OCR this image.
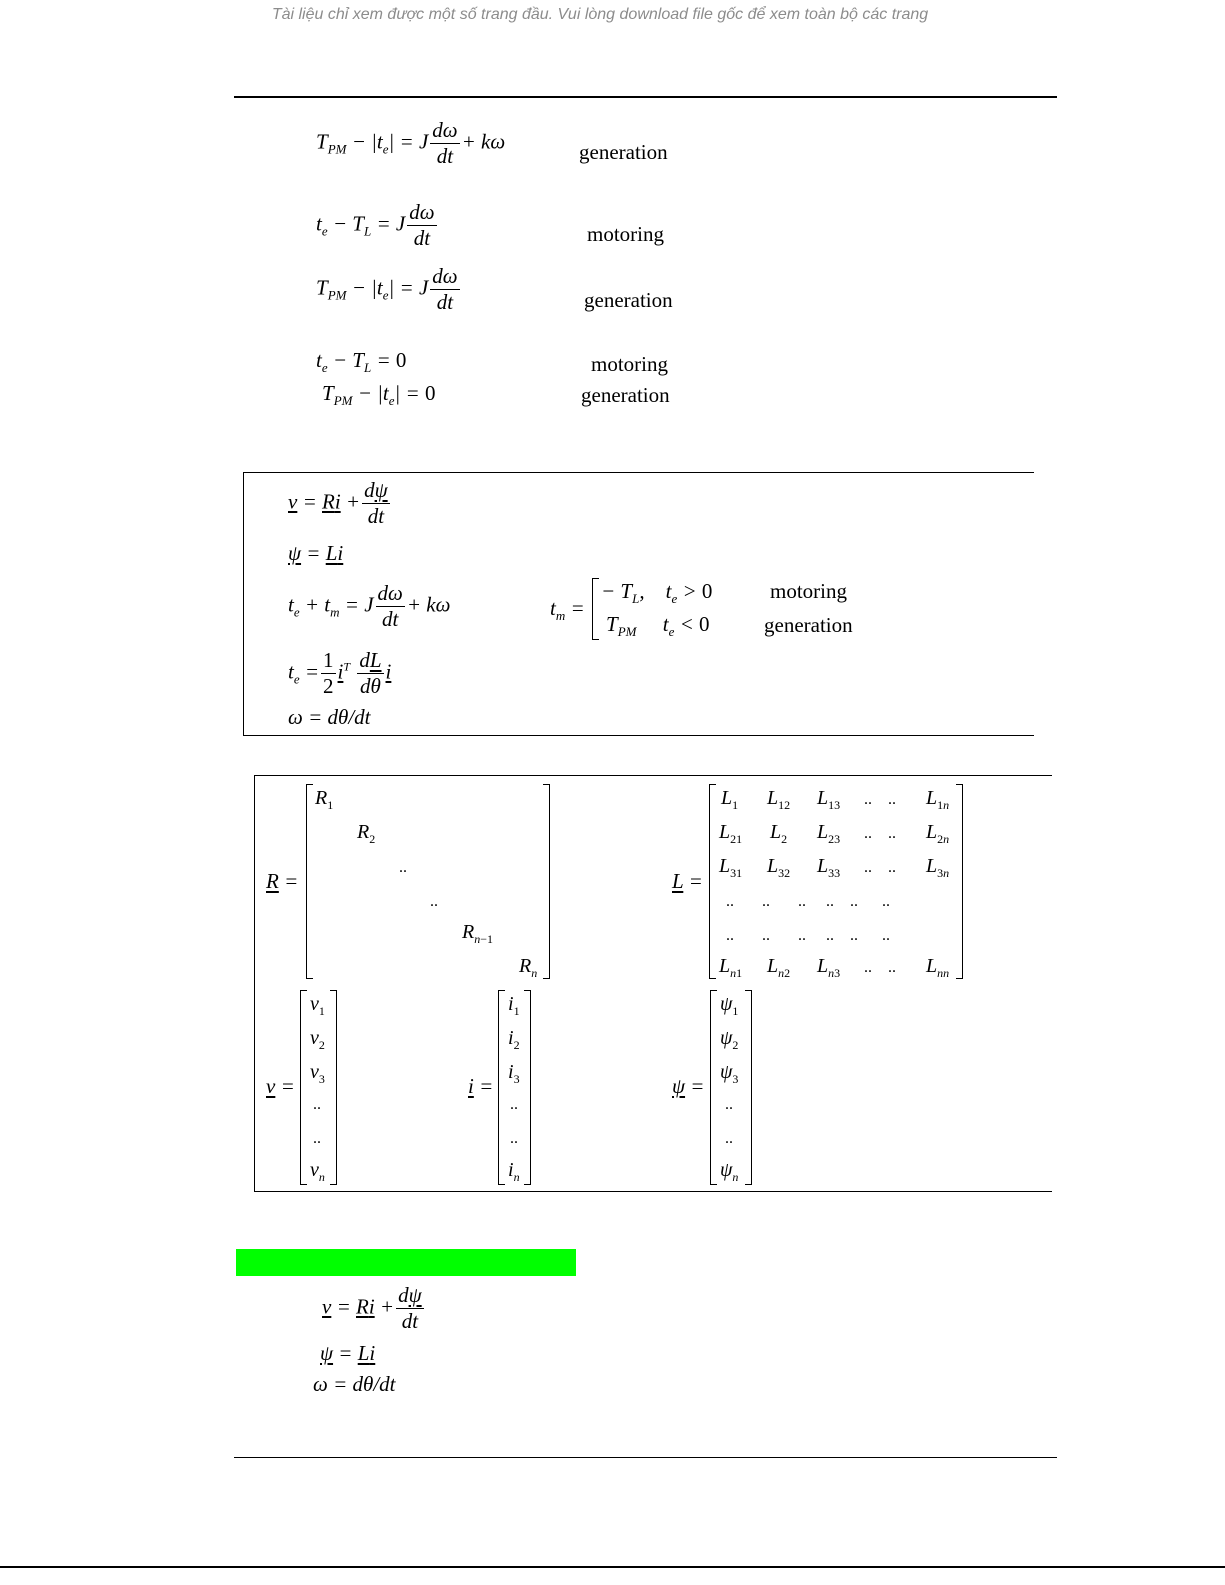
Tài liệu chỉ xem được một số trang đầu. Vui lòng download file gốc để xem toàn bộ các trang
$T_{PM} - |t_e| = J \frac{d\omega}{dt} + k\omega$	generation
$t_e - T_L = J \frac{d\omega}{dt}$	motoring
$T_{PM} - |t_e| = J \frac{d\omega}{dt}$	generation
$t_e - T_L = 0$	motoring
$T_{PM} - |t_e| = 0$	generation
$v = Ri + \frac{d\psi}{dt}$
ψ = Li
$t_e + t_m = J \frac{d\omega}{dt} + k\omega$	$t_m$ =
− $T_L$,    $t_e > 0$	motoring
$T_{PM}$     $t_e < 0$	generation
$t_e = \frac{1}{2} i^T \frac{dL}{d\theta}$ i
ω = dθ/dt
R =
$R_1$
$R_2$
..
..
$R_{n-1}$
$R_n$
L =
$L_1$ $L_{12}$ $L_{13}$ ..    .. $L_{1n}$
$L_{21}$ $L_2$ $L_{23}$ ..    .. $L_{2n}$
$L_{31}$ $L_{32}$ $L_{33}$ ..    .. $L_{3n}$
..       ..       ..     ..    ..      ..
..       ..       ..     ..    ..      ..
$L_{n1}$ $L_{n2}$ $L_{n3}$ ..    .. $L_{nn}$
v =
$v_1$
$v_2$
$v_3$
..
..
$v_n$
i =
$i_1$
$i_2$
$i_3$
..
..
$i_n$
ψ =
$\psi_1$
$\psi_2$
$\psi_3$
..
..
$\psi_n$
$v = Ri + \frac{d\psi}{dt}$
ψ = Li
ω = dθ/dt
